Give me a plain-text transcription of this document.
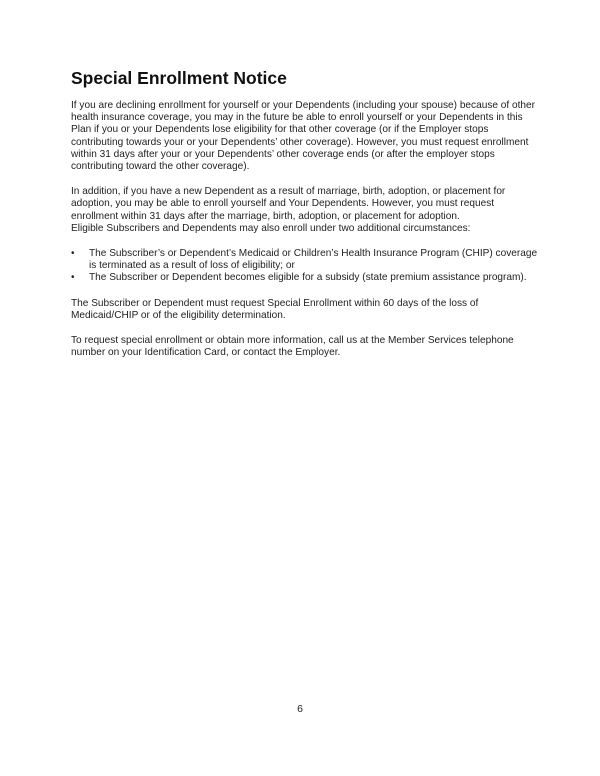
Special Enrollment Notice

If you are declining enrollment for yourself or your Dependents (including your spouse) because of other health insurance coverage, you may in the future be able to enroll yourself or your Dependents in this Plan if you or your Dependents lose eligibility for that other coverage (or if the Employer stops contributing towards your or your Dependents’ other coverage). However, you must request enrollment within 31 days after your or your Dependents’ other coverage ends (or after the employer stops contributing toward the other coverage).

In addition, if you have a new Dependent as a result of marriage, birth, adoption, or placement for adoption, you may be able to enroll yourself and Your Dependents. However, you must request enrollment within 31 days after the marriage, birth, adoption, or placement for adoption.
Eligible Subscribers and Dependents may also enroll under two additional circumstances:

• The Subscriber’s or Dependent’s Medicaid or Children’s Health Insurance Program (CHIP) coverage is terminated as a result of loss of eligibility; or
• The Subscriber or Dependent becomes eligible for a subsidy (state premium assistance program).

The Subscriber or Dependent must request Special Enrollment within 60 days of the loss of Medicaid/CHIP or of the eligibility determination.

To request special enrollment or obtain more information, call us at the Member Services telephone number on your Identification Card, or contact the Employer.

6
